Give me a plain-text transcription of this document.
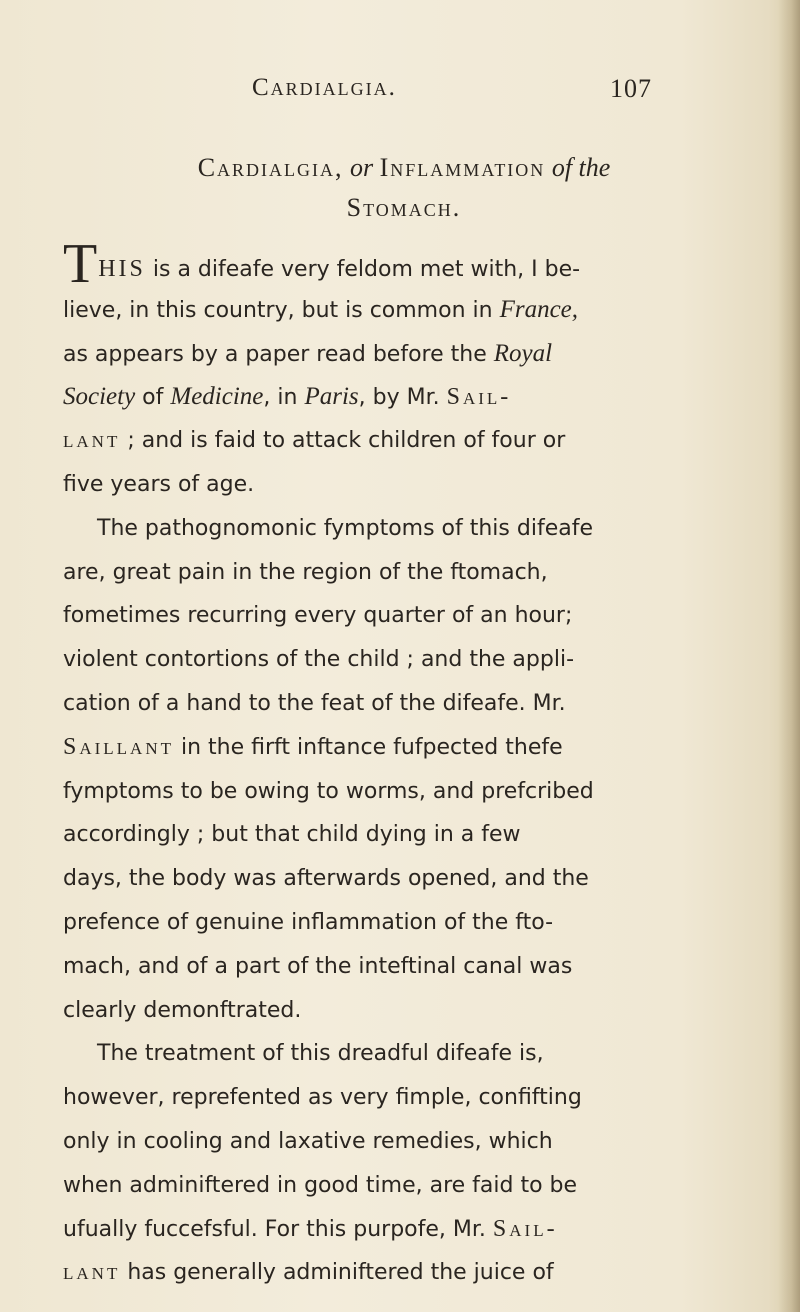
Cardialgia.	107
Cardialgia, or Inflammation of the
Stomach.
THIS is a difeafe very feldom met with, I be-
lieve, in this country, but is common in France,
as appears by a paper read before the Royal
Society of Medicine, in Paris, by Mr. Sail-
lant ; and is faid to attack children of four or
five years of age.
The pathognomonic fymptoms of this difeafe
are, great pain in the region of the ftomach,
fometimes recurring every quarter of an hour;
violent contortions of the child ; and the appli-
cation of a hand to the feat of the difeafe. Mr.
Saillant in the firft inftance fufpected thefe
fymptoms to be owing to worms, and prefcribed
accordingly ; but that child dying in a few
days, the body was afterwards opened, and the
prefence of genuine inflammation of the fto-
mach, and of a part of the inteftinal canal was
clearly demonftrated.
The treatment of this dreadful difeafe is,
however, reprefented as very fimple, confifting
only in cooling and laxative remedies, which
when adminiftered in good time, are faid to be
ufually fuccefsful. For this purpofe, Mr. Sail-
lant has generally adminiftered the juice of
